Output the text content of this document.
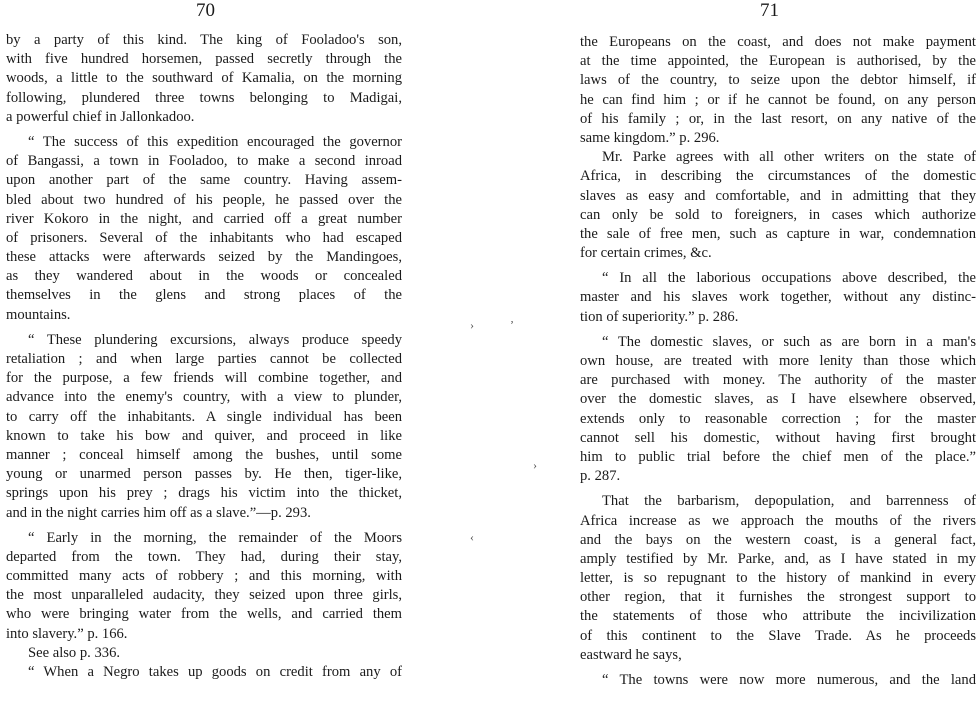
70
by a party of this kind. The king of Fooladoo's son,
with five hundred horsemen, passed secretly through the
woods, a little to the southward of Kamalia, on the morning
following, plundered three towns belonging to Madigai,
a powerful chief in Jallonkadoo.
“ The success of this expedition encouraged the governor
of Bangassi, a town in Fooladoo, to make a second inroad
upon another part of the same country. Having assem-
bled about two hundred of his people, he passed over the
river Kokoro in the night, and carried off a great number
of prisoners. Several of the inhabitants who had escaped
these attacks were afterwards seized by the Mandingoes,
as they wandered about in the woods or concealed
themselves in the glens and strong places of the
mountains.
“ These plundering excursions, always produce speedy
retaliation ; and when large parties cannot be collected
for the purpose, a few friends will combine together, and
advance into the enemy's country, with a view to plunder,
to carry off the inhabitants. A single individual has been
known to take his bow and quiver, and proceed in like
manner ; conceal himself among the bushes, until some
young or unarmed person passes by. He then, tiger-like,
springs upon his prey ; drags his victim into the thicket,
and in the night carries him off as a slave.”—p. 293.
“ Early in the morning, the remainder of the Moors
departed from the town. They had, during their stay,
committed many acts of robbery ; and this morning, with
the most unparalleled audacity, they seized upon three girls,
who were bringing water from the wells, and carried them
into slavery.” p. 166.
See also p. 336.
“ When a Negro takes up goods on credit from any of
71
the Europeans on the coast, and does not make payment
at the time appointed, the European is authorised, by the
laws of the country, to seize upon the debtor himself, if
he can find him ; or if he cannot be found, on any person
of his family ; or, in the last resort, on any native of the
same kingdom.” p. 296.
Mr. Parke agrees with all other writers on the state of
Africa, in describing the circumstances of the domestic
slaves as easy and comfortable, and in admitting that they
can only be sold to foreigners, in cases which authorize
the sale of free men, such as capture in war, condemnation
for certain crimes, &c.
“ In all the laborious occupations above described, the
master and his slaves work together, without any distinc-
tion of superiority.” p. 286.
“ The domestic slaves, or such as are born in a man's
own house, are treated with more lenity than those which
are purchased with money. The authority of the master
over the domestic slaves, as I have elsewhere observed,
extends only to reasonable correction ; for the master
cannot sell his domestic, without having first brought
him to public trial before the chief men of the place.”
p. 287.
That the barbarism, depopulation, and barrenness of
Africa increase as we approach the mouths of the rivers
and the bays on the western coast, is a general fact,
amply testified by Mr. Parke, and, as I have stated in my
letter, is so repugnant to the history of mankind in every
other region, that it furnishes the strongest support to
the statements of those who attribute the incivilization
of this continent to the Slave Trade. As he proceeds
eastward he says,
“ The towns were now more numerous, and the land
›	ʼ
›
‹
